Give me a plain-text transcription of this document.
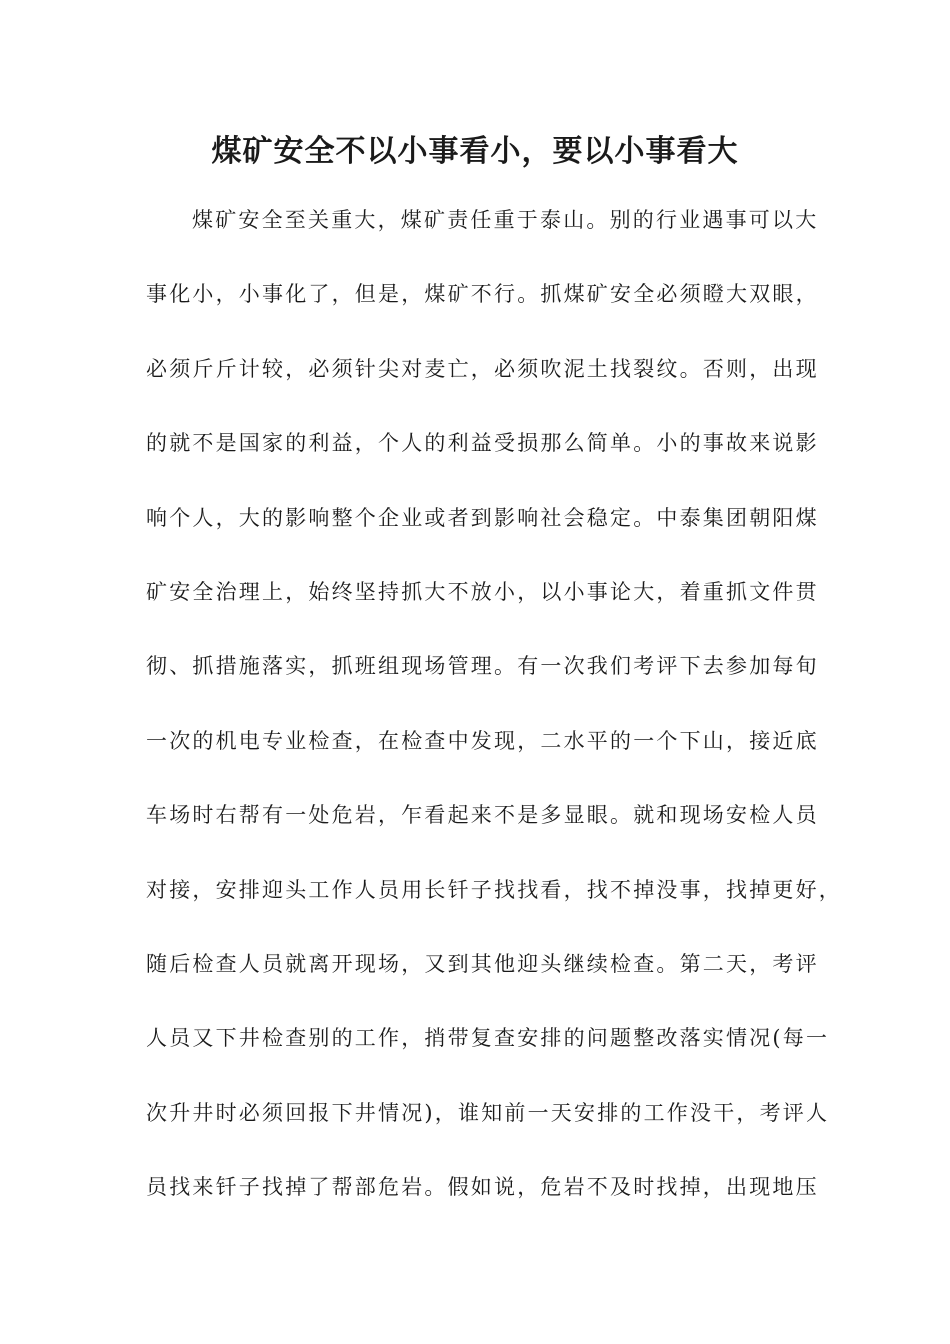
煤矿安全不以小事看小，要以小事看大
煤矿安全至关重大，煤矿责任重于泰山。别的行业遇事可以大
事化小，小事化了，但是，煤矿不行。抓煤矿安全必须瞪大双眼，
必须斤斤计较，必须针尖对麦亡，必须吹泥土找裂纹。否则，出现
的就不是国家的利益，个人的利益受损那么简单。小的事故来说影
响个人，大的影响整个企业或者到影响社会稳定。中泰集团朝阳煤
矿安全治理上，始终坚持抓大不放小，以小事论大，着重抓文件贯
彻、抓措施落实，抓班组现场管理。有一次我们考评下去参加每旬
一次的机电专业检查，在检查中发现，二水平的一个下山，接近底
车场时右帮有一处危岩，乍看起来不是多显眼。就和现场安检人员
对接，安排迎头工作人员用长钎子找找看，找不掉没事，找掉更好，
随后检查人员就离开现场，又到其他迎头继续检查。第二天，考评
人员又下井检查别的工作，捎带复查安排的问题整改落实情况(每一
次升井时必须回报下井情况)，谁知前一天安排的工作没干，考评人
员找来钎子找掉了帮部危岩。假如说，危岩不及时找掉，出现地压
